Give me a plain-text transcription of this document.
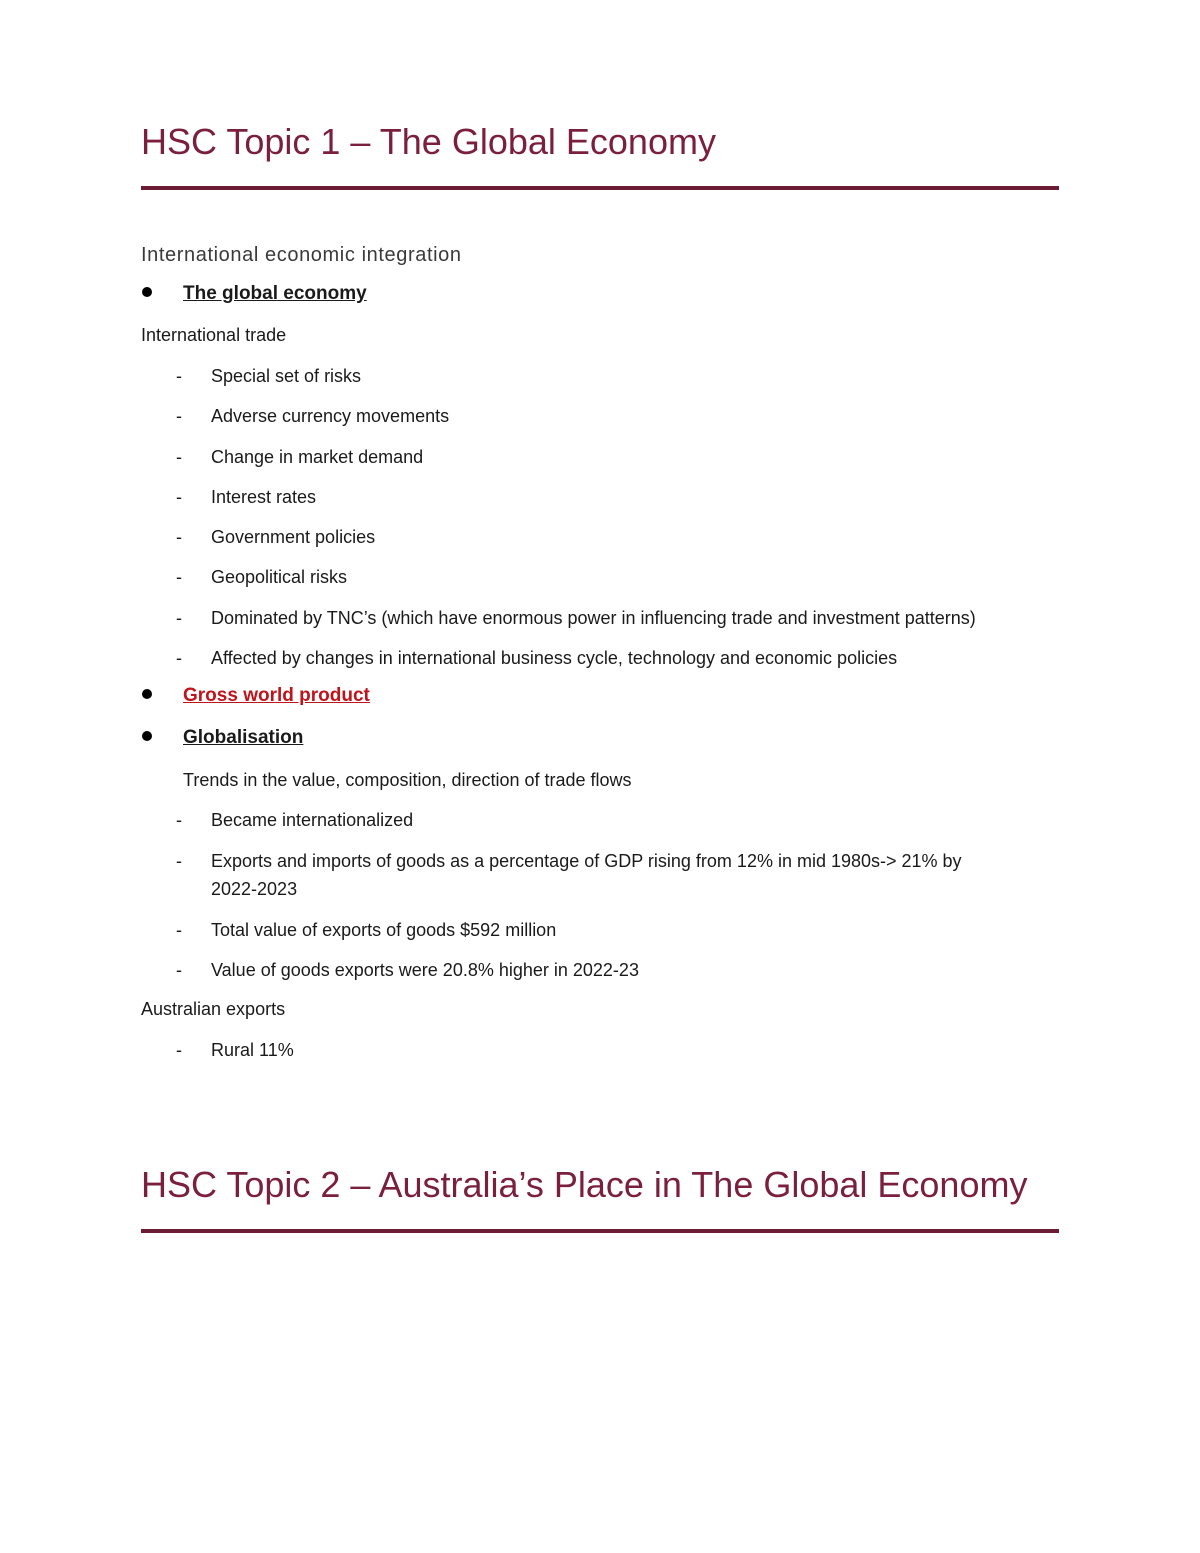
HSC Topic 1 – The Global Economy
International economic integration
The global economy
International trade
- Special set of risks
- Adverse currency movements
- Change in market demand
- Interest rates
- Government policies
- Geopolitical risks
- Dominated by TNC’s (which have enormous power in influencing trade and investment patterns)
- Affected by changes in international business cycle, technology and economic policies
Gross world product
Globalisation
Trends in the value, composition, direction of trade flows
- Became internationalized
- Exports and imports of goods as a percentage of GDP rising from 12% in mid 1980s-> 21% by
2022-2023
- Total value of exports of goods $592 million
- Value of goods exports were 20.8% higher in 2022-23
Australian exports
- Rural 11%
HSC Topic 2 – Australia’s Place in The Global Economy
